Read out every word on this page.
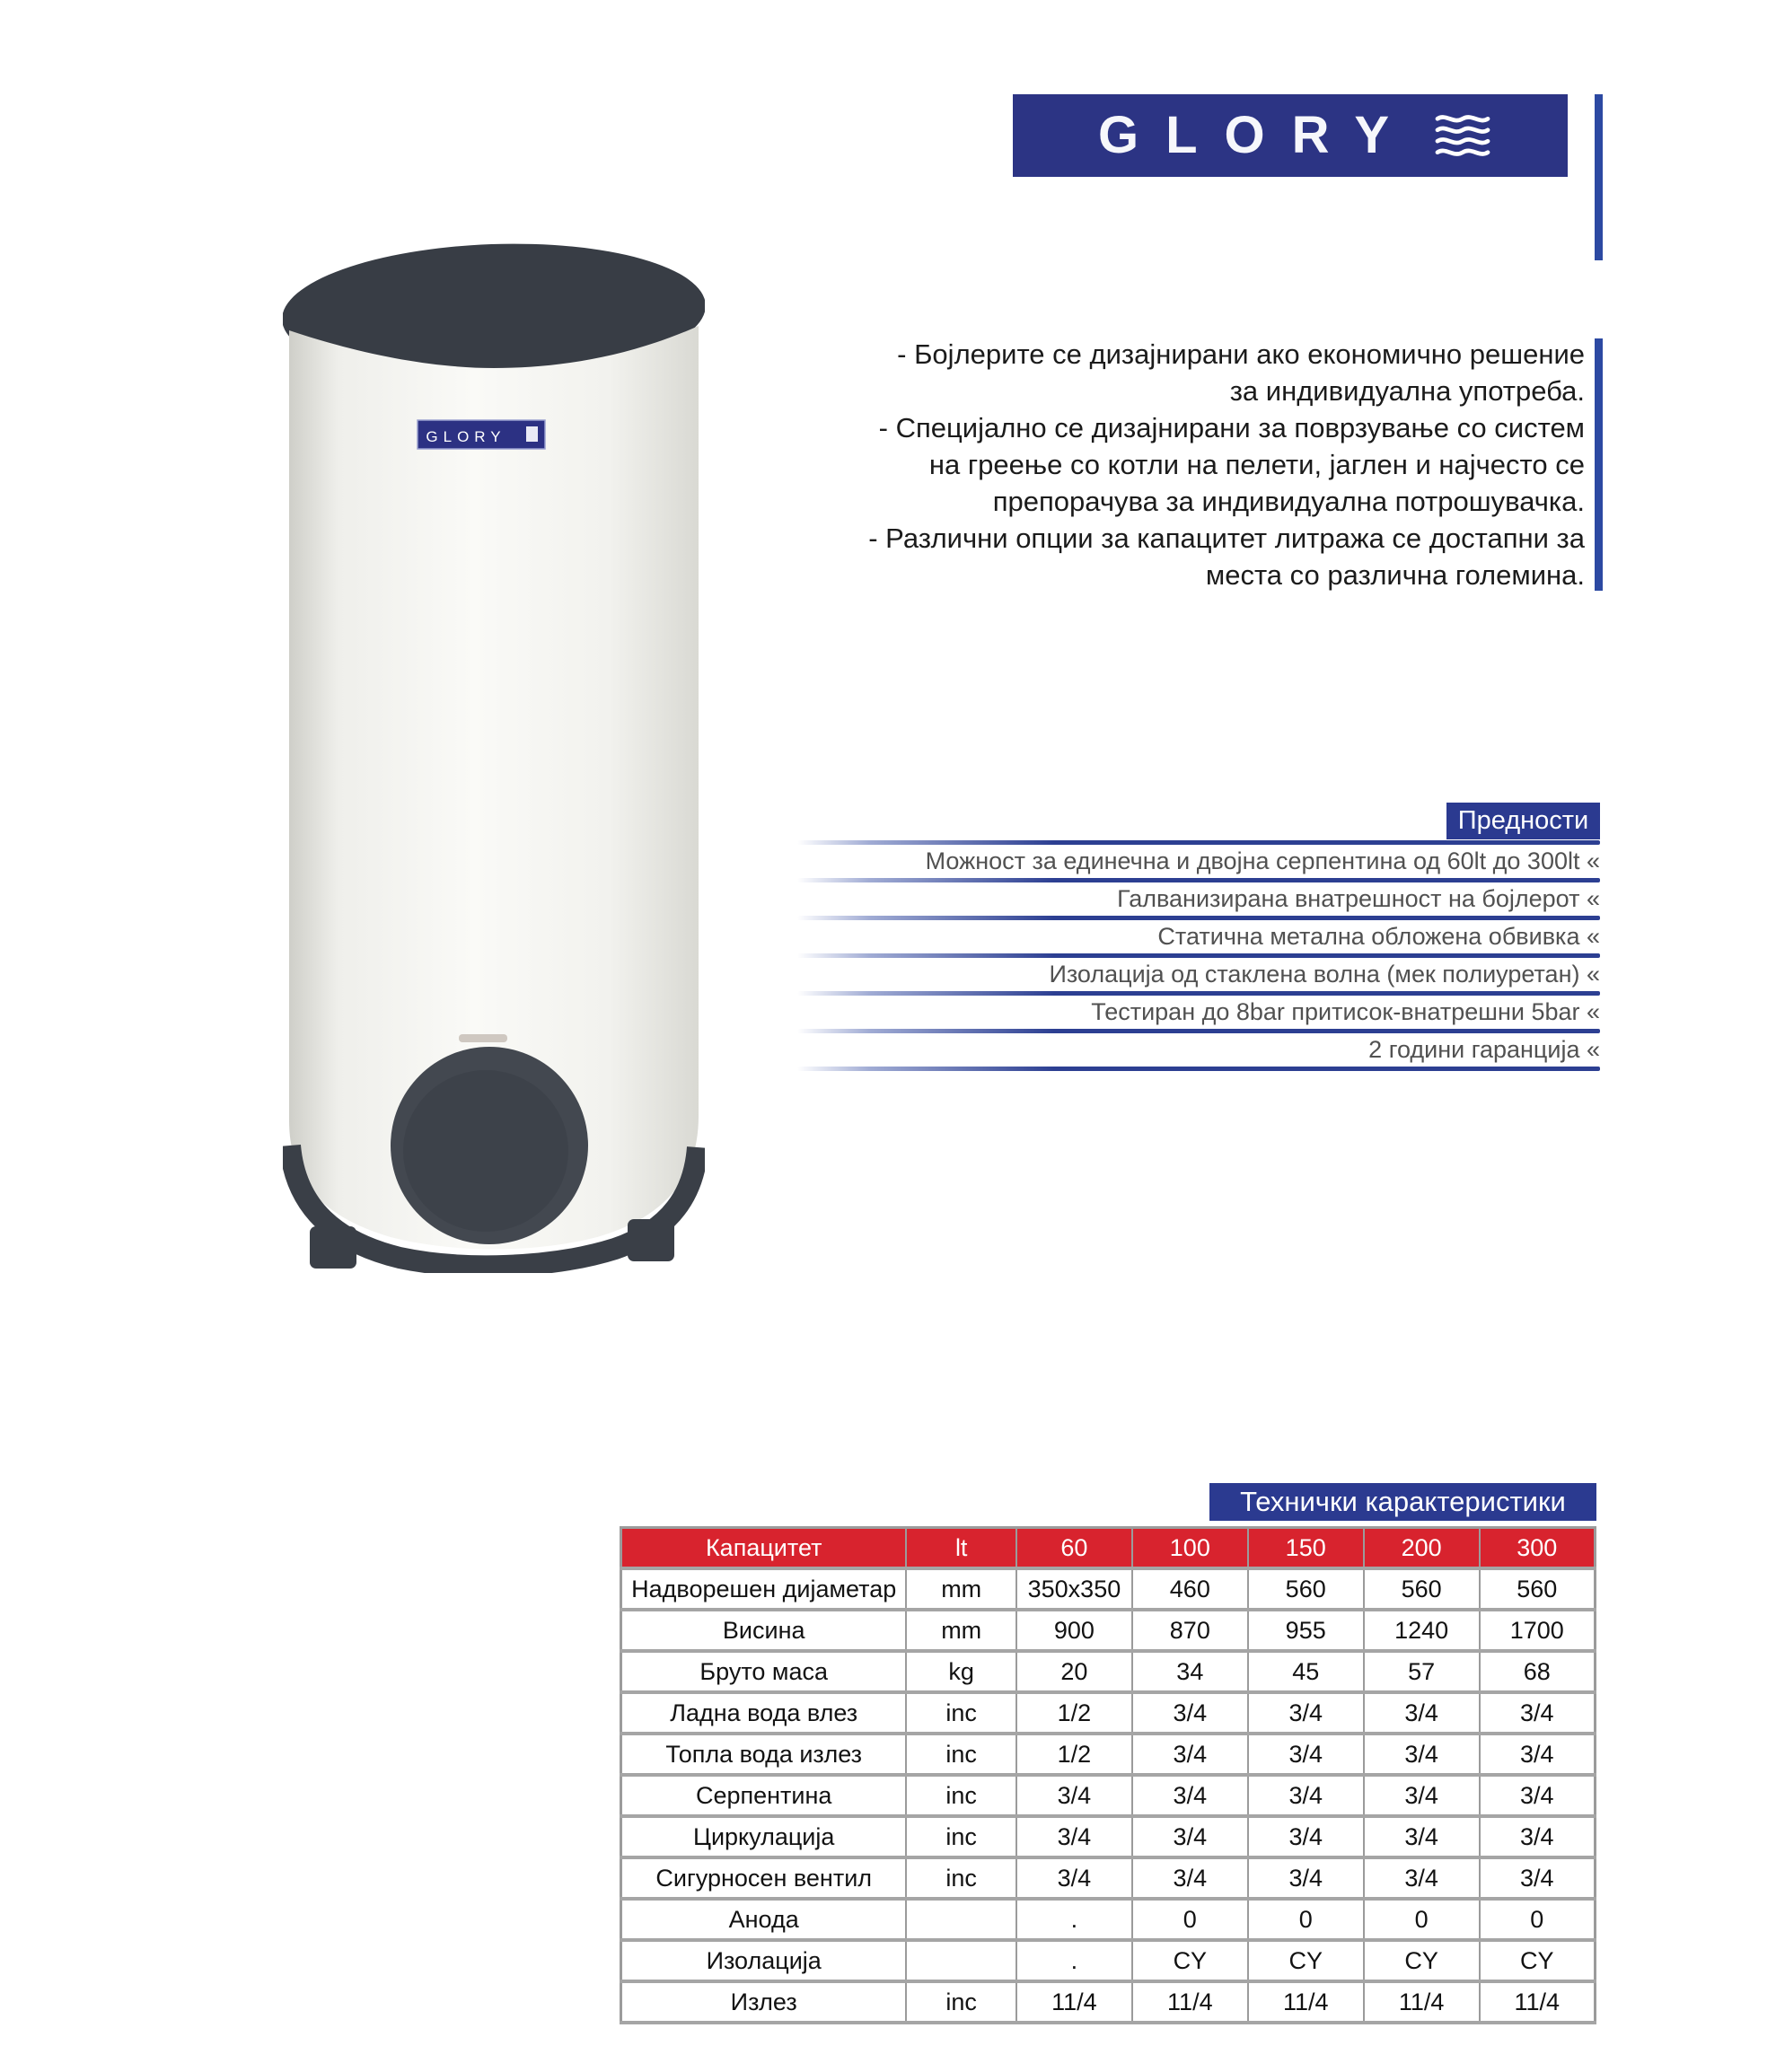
GLORY
GLORY
- Бојлерите се дизајнирани ако економично решение
за индивидуална употреба.
- Специјално се дизајнирани за поврзување со систем
на греење со котли на пелети, јаглен и најчесто се
препорачува за индивидуална потрошувачка.
- Различни опции за капацитет литража се достапни за
места со различна големина.
Предности
Можност за единечна и двојна серпентина од 60lt до 300lt «
Галванизирана внатрешност на бојлерот «
Статична метална обложена обвивка «
Изолација од стаклена волна (мек полиуретан) «
Тестиран до 8bar притисок-внатрешни 5bar «
2 години гаранција «
Технички карактеристики
Капацитет	lt	60	100	150	200	300
Надворешен дијаметар	mm	350x350	460	560	560	560
Висина	mm	900	870	955	1240	1700
Бруто маса	kg	20	34	45	57	68
Ладна вода влез	inc	1/2	3/4	3/4	3/4	3/4
Топла вода излез	inc	1/2	3/4	3/4	3/4	3/4
Серпентина	inc	3/4	3/4	3/4	3/4	3/4
Циркулација	inc	3/4	3/4	3/4	3/4	3/4
Сигурносен вентил	inc	3/4	3/4	3/4	3/4	3/4
Анода		.	0	0	0	0
Изолација		.	CY	CY	CY	CY
Излез	inc	11/4	11/4	11/4	11/4	11/4
